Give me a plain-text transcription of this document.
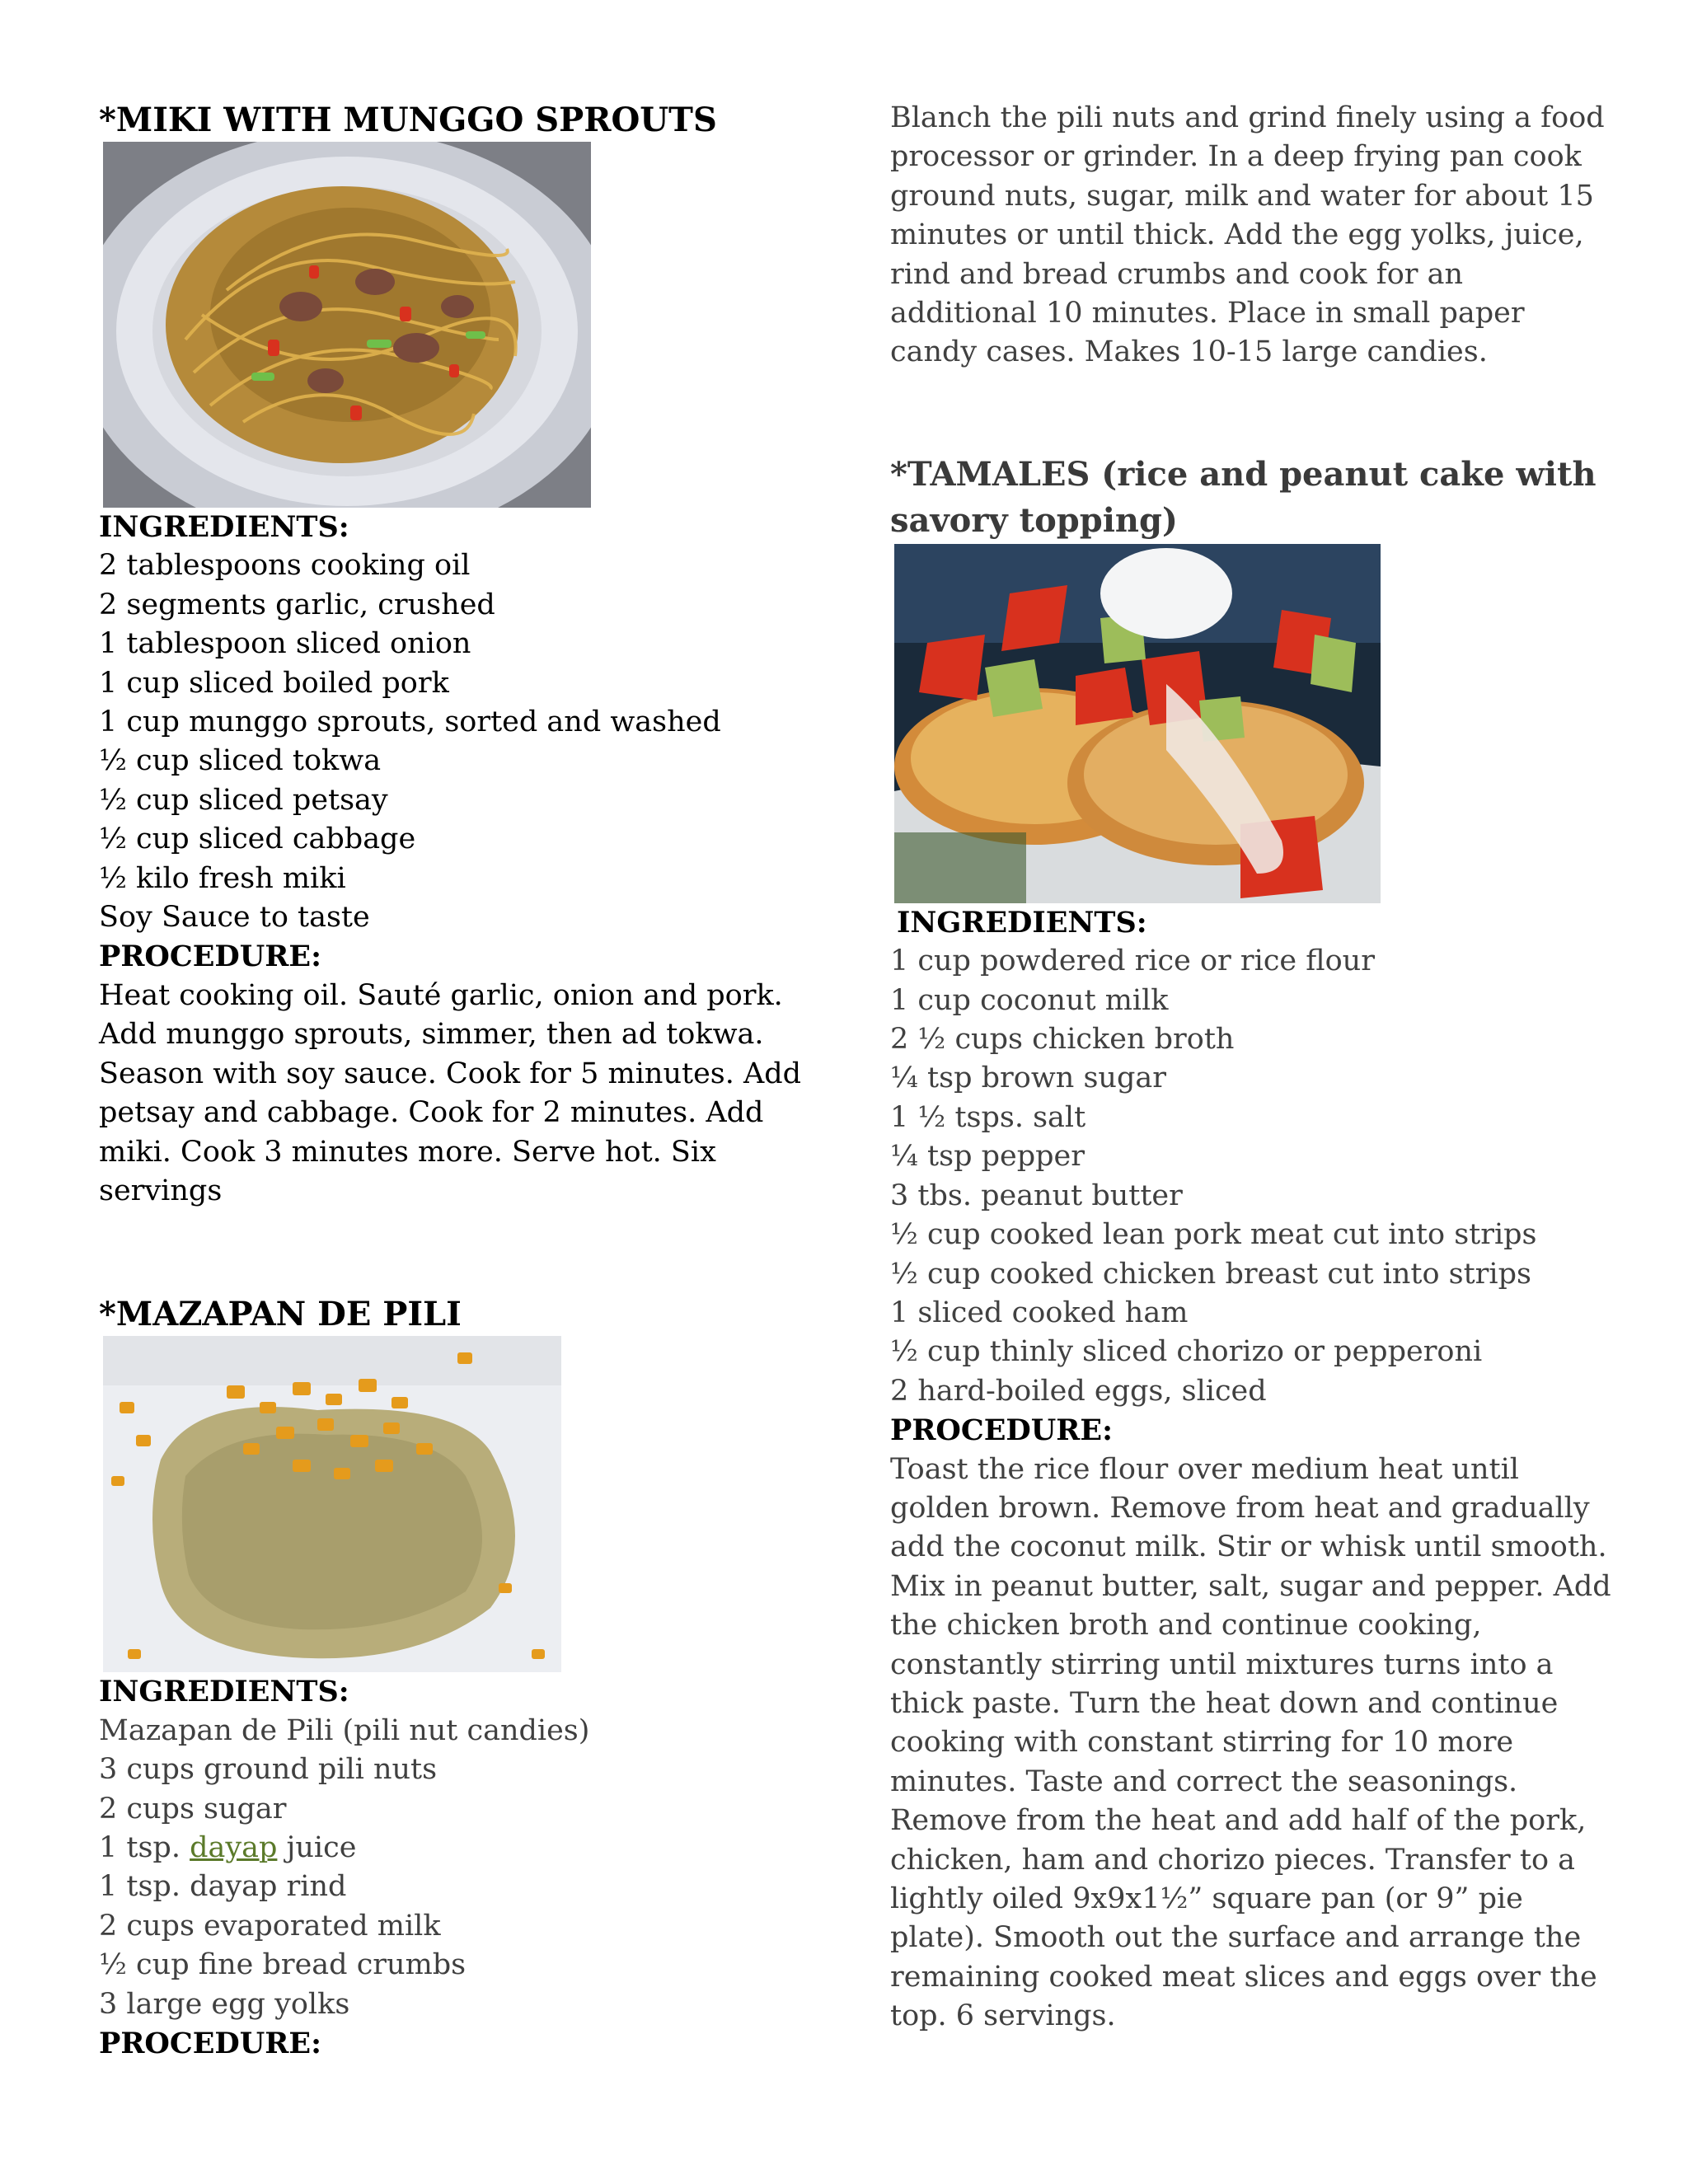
*MIKI WITH MUNGGO SPROUTS
INGREDIENTS:
2 tablespoons cooking oil
2 segments garlic, crushed
1 tablespoon sliced onion
1 cup sliced boiled pork
1 cup munggo sprouts, sorted and washed
½ cup sliced tokwa
½ cup sliced petsay
½ cup sliced cabbage
½ kilo fresh miki
Soy Sauce to taste
PROCEDURE:
Heat cooking oil. Sauté garlic, onion and pork.
Add munggo sprouts, simmer, then ad tokwa.
Season with soy sauce. Cook for 5 minutes. Add
petsay and cabbage. Cook for 2 minutes. Add
miki. Cook 3 minutes more. Serve hot. Six
servings
*MAZAPAN DE PILI
INGREDIENTS:
Mazapan de Pili (pili nut candies)
3 cups ground pili nuts
2 cups sugar
1 tsp. dayap juice
1 tsp. dayap rind
2 cups evaporated milk
½ cup fine bread crumbs
3 large egg yolks
PROCEDURE:
Blanch the pili nuts and grind finely using a food
processor or grinder. In a deep frying pan cook
ground nuts, sugar, milk and water for about 15
minutes or until thick. Add the egg yolks, juice,
rind and bread crumbs and cook for an
additional 10 minutes. Place in small paper
candy cases. Makes 10-15 large candies.
*TAMALES (rice and peanut cake with
savory topping)
INGREDIENTS:
1 cup powdered rice or rice flour
1 cup coconut milk
2 ½ cups chicken broth
¼ tsp brown sugar
1 ½ tsps. salt
¼ tsp pepper
3 tbs. peanut butter
½ cup cooked lean pork meat cut into strips
½ cup cooked chicken breast cut into strips
1 sliced cooked ham
½ cup thinly sliced chorizo or pepperoni
2 hard-boiled eggs, sliced
PROCEDURE:
Toast the rice flour over medium heat until
golden brown. Remove from heat and gradually
add the coconut milk. Stir or whisk until smooth.
Mix in peanut butter, salt, sugar and pepper. Add
the chicken broth and continue cooking,
constantly stirring until mixtures turns into a
thick paste. Turn the heat down and continue
cooking with constant stirring for 10 more
minutes. Taste and correct the seasonings.
Remove from the heat and add half of the pork,
chicken, ham and chorizo pieces. Transfer to a
lightly oiled 9x9x1½” square pan (or 9” pie
plate). Smooth out the surface and arrange the
remaining cooked meat slices and eggs over the
top. 6 servings.
